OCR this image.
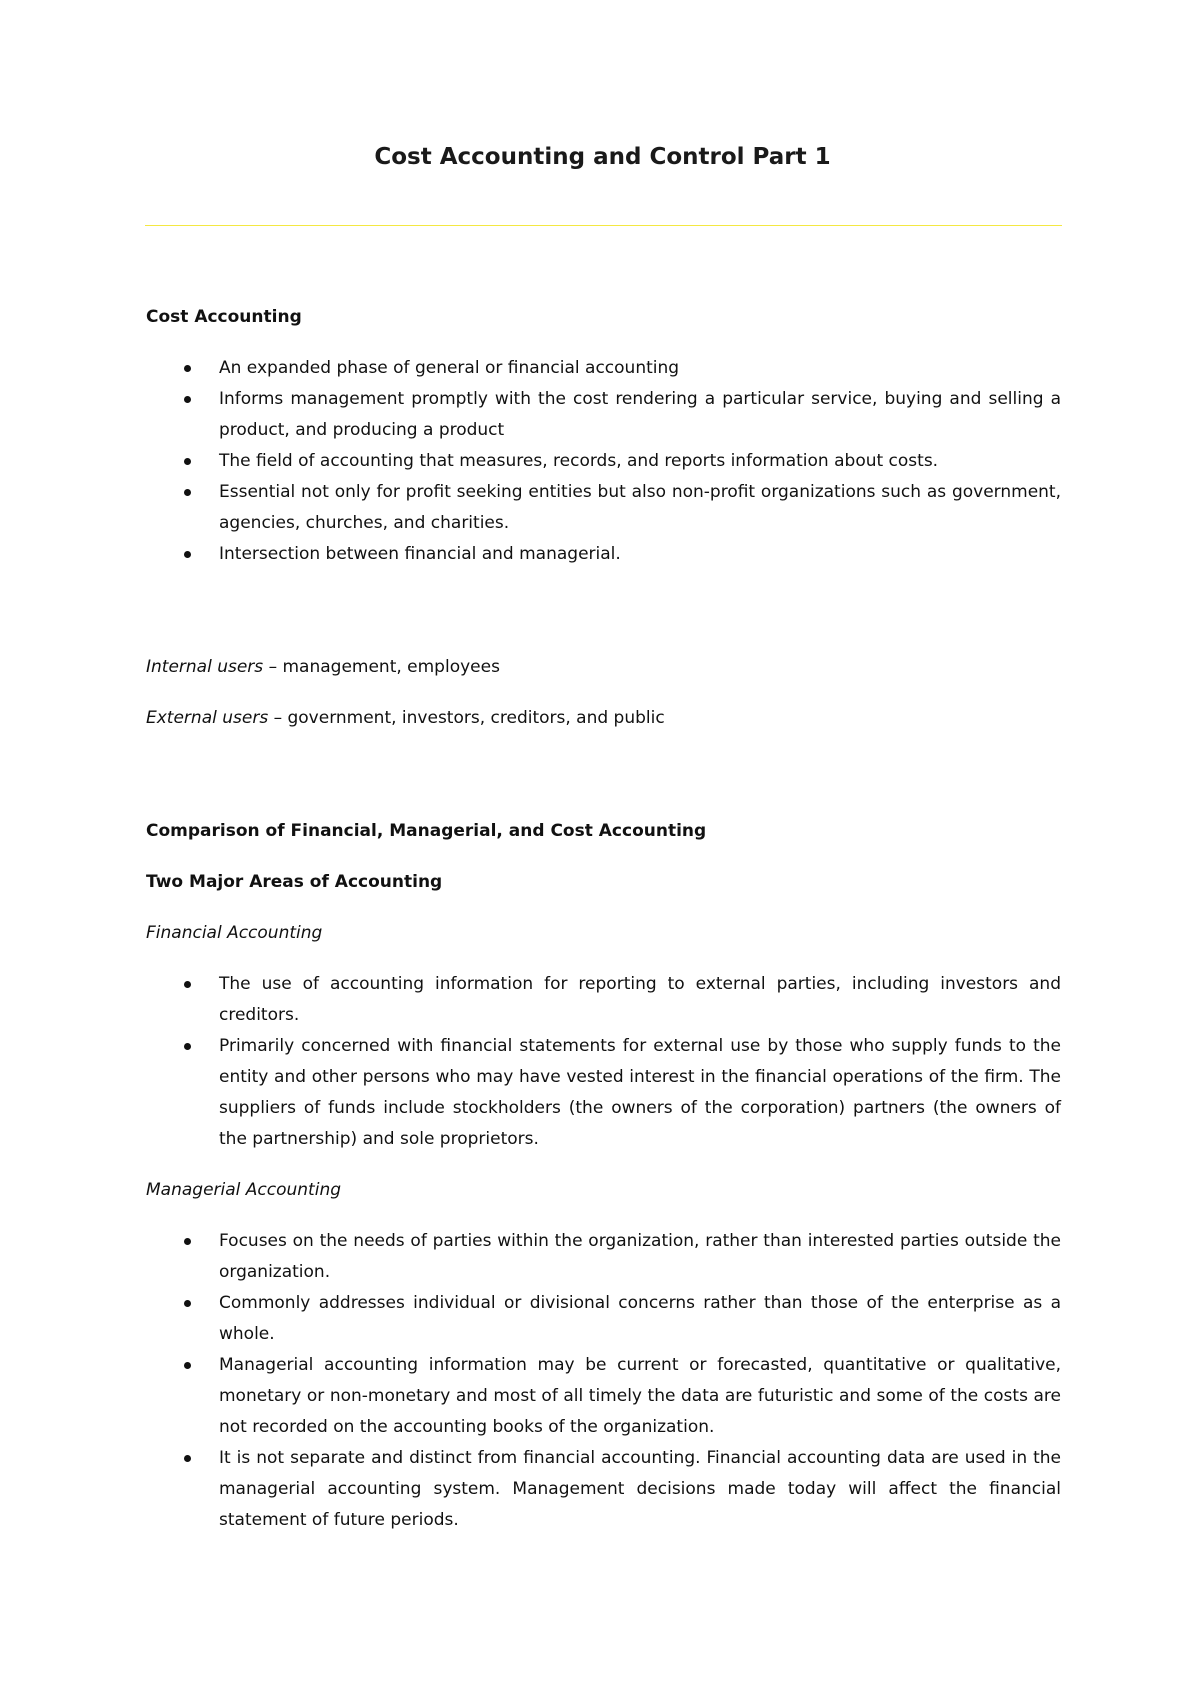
Cost Accounting and Control Part 1
Cost Accounting
An expanded phase of general or financial accounting
Informs management promptly with the cost rendering a particular service, buying and selling a product, and producing a product
The field of accounting that measures, records, and reports information about costs.
Essential not only for profit seeking entities but also non-profit organizations such as government, agencies, churches, and charities.
Intersection between financial and managerial.
Internal users – management, employees
External users – government, investors, creditors, and public
Comparison of Financial, Managerial, and Cost Accounting
Two Major Areas of Accounting
Financial Accounting
The use of accounting information for reporting to external parties, including investors and creditors.
Primarily concerned with financial statements for external use by those who supply funds to the entity and other persons who may have vested interest in the financial operations of the firm. The suppliers of funds include stockholders (the owners of the corporation) partners (the owners of the partnership) and sole proprietors.
Managerial Accounting
Focuses on the needs of parties within the organization, rather than interested parties outside the organization.
Commonly addresses individual or divisional concerns rather than those of the enterprise as a whole.
Managerial accounting information may be current or forecasted, quantitative or qualitative, monetary or non-monetary and most of all timely the data are futuristic and some of the costs are not recorded on the accounting books of the organization.
It is not separate and distinct from financial accounting. Financial accounting data are used in the managerial accounting system. Management decisions made today will affect the financial statement of future periods.
